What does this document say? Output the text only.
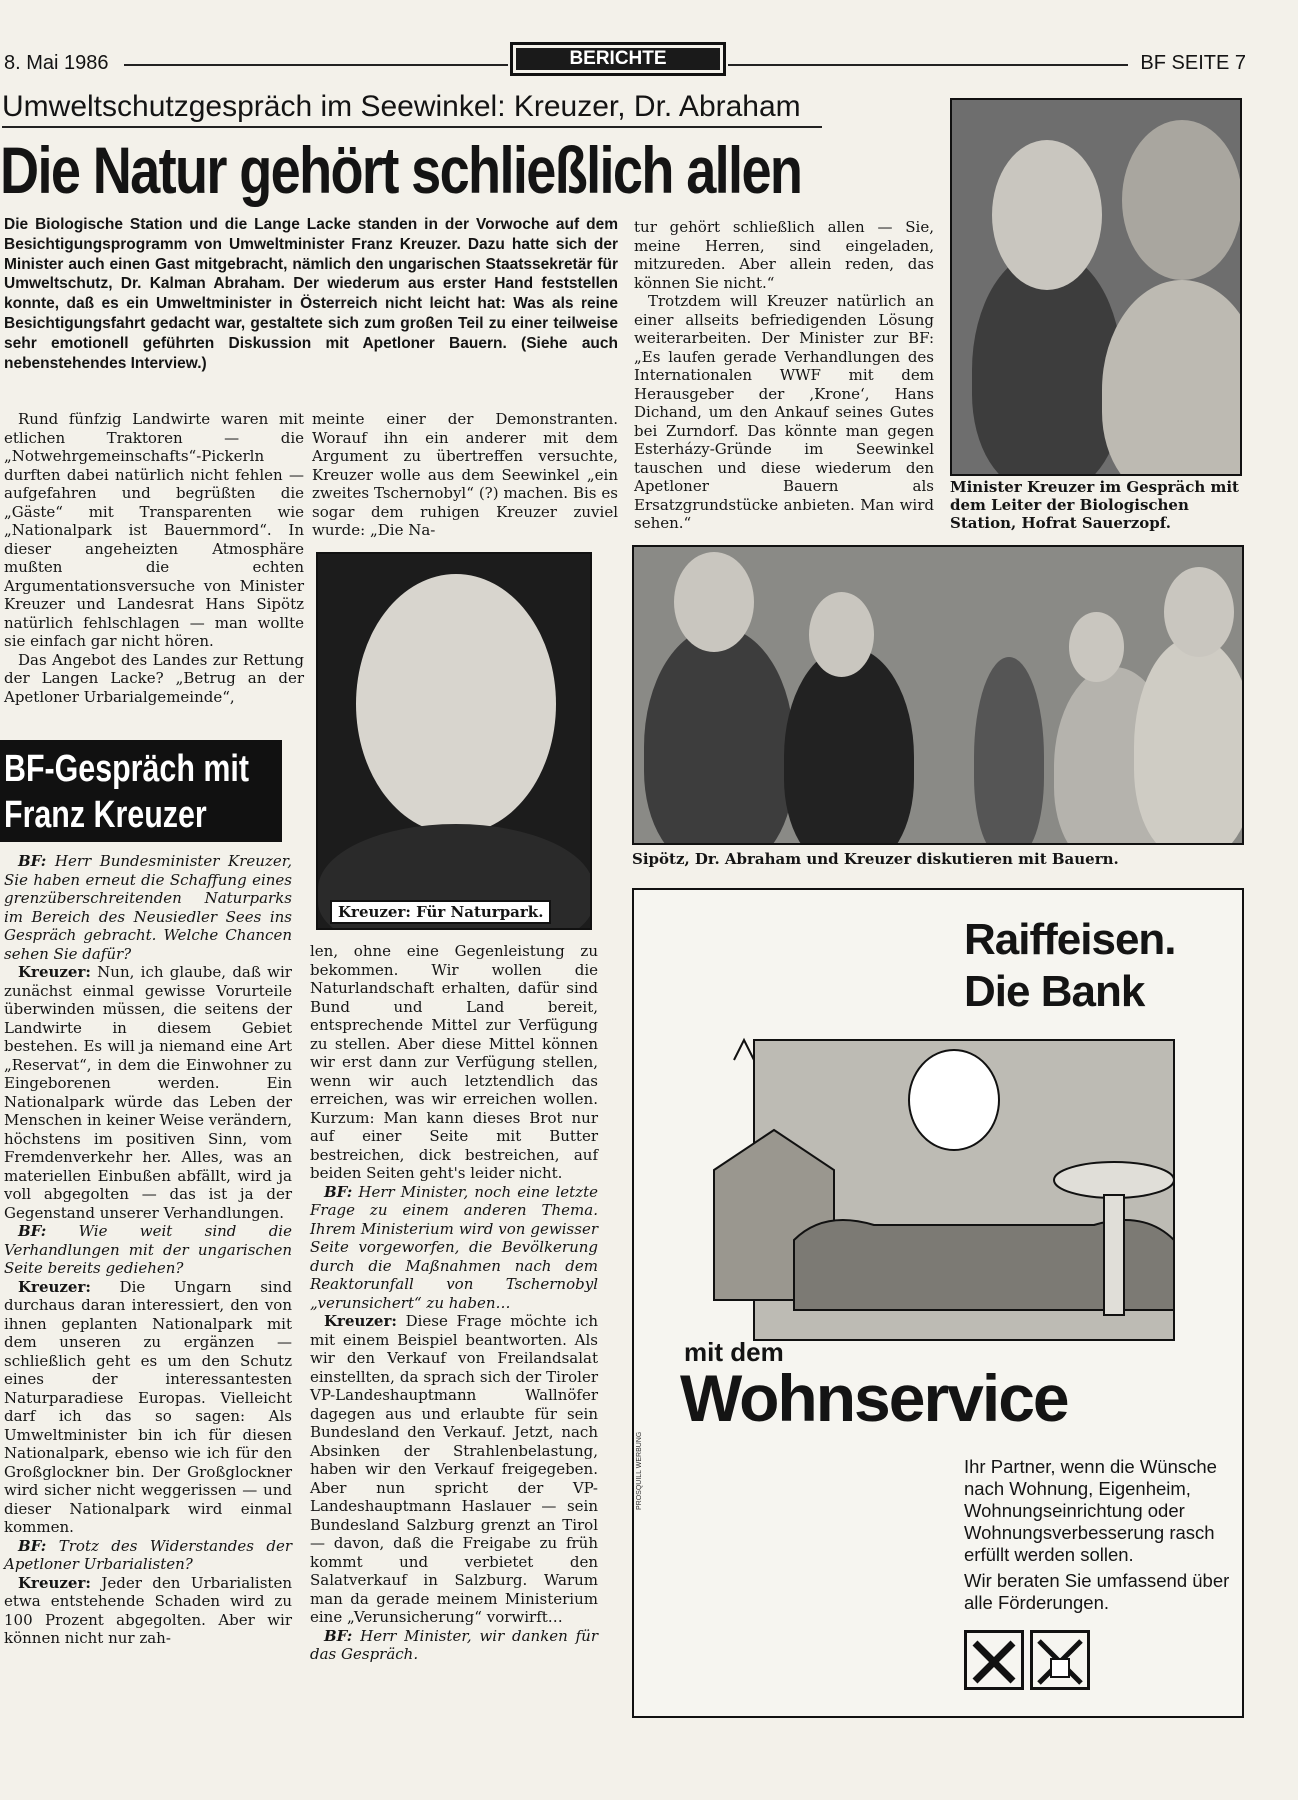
8. Mai 1986	BERICHTE	BF SEITE 7
Umweltschutzgespräch im Seewinkel: Kreuzer, Dr. Abraham
Die Natur gehört schließlich allen
Die Biologische Station und die Lange Lacke standen in der Vorwoche auf dem Besichtigungsprogramm von Umweltminister Franz Kreuzer. Dazu hatte sich der Minister auch einen Gast mitgebracht, nämlich den ungarischen Staatssekretär für Umweltschutz, Dr. Kalman Abraham. Der wiederum aus erster Hand feststellen konnte, daß es ein Umweltminister in Österreich nicht leicht hat: Was als reine Besichtigungsfahrt gedacht war, gestaltete sich zum großen Teil zu einer teilweise sehr emotionell geführten Diskussion mit Apetloner Bauern. (Siehe auch nebenstehendes Interview.)

Rund fünfzig Landwirte waren mit etlichen Traktoren — die „Notwehrgemeinschafts“-Pickerln durften dabei natürlich nicht fehlen — aufgefahren und begrüßten die „Gäste“ mit Transparenten wie „Nationalpark ist Bauernmord“. In dieser angeheizten Atmosphäre mußten die echten Argumentationsversuche von Minister Kreuzer und Landesrat Hans Sipötz natürlich fehlschlagen — man wollte sie einfach gar nicht hören.

Das Angebot des Landes zur Rettung der Langen Lacke? „Betrug an der Apetloner Urbarialgemeinde“,

meinte einer der Demonstranten. Worauf ihn ein anderer mit dem Argument zu übertreffen versuchte, Kreuzer wolle aus dem Seewinkel „ein zweites Tschernobyl“ (?) machen. Bis es sogar dem ruhigen Kreuzer zuviel wurde: „Die Na-

tur gehört schließlich allen — Sie, meine Herren, sind eingeladen, mitzureden. Aber allein reden, das können Sie nicht.“

Trotzdem will Kreuzer natürlich an einer allseits befriedigenden Lösung weiterarbeiten. Der Minister zur BF: „Es laufen gerade Verhandlungen des Internationalen WWF mit dem Herausgeber der ‚Krone‘, Hans Dichand, um den Ankauf seines Gutes bei Zurndorf. Das könnte man gegen Esterházy-Gründe im Seewinkel tauschen und diese wiederum den Apetloner Bauern als Ersatzgrundstücke anbieten. Man wird sehen.“

Minister Kreuzer im Gespräch mit dem Leiter der Biologischen Station, Hofrat Sauerzopf.
Sipötz, Dr. Abraham und Kreuzer diskutieren mit Bauern.
Kreuzer: Für Naturpark.
BF-Gespräch mit
Franz Kreuzer

BF: Herr Bundesminister Kreuzer, Sie haben erneut die Schaffung eines grenzüberschreitenden Naturparks im Bereich des Neusiedler Sees ins Gespräch gebracht. Welche Chancen sehen Sie dafür?

Kreuzer: Nun, ich glaube, daß wir zunächst einmal gewisse Vorurteile überwinden müssen, die seitens der Landwirte in diesem Gebiet bestehen. Es will ja niemand eine Art „Reservat“, in dem die Einwohner zu Eingeborenen werden. Ein Nationalpark würde das Leben der Menschen in keiner Weise verändern, höchstens im positiven Sinn, vom Fremdenverkehr her. Alles, was an materiellen Einbußen abfällt, wird ja voll abgegolten — das ist ja der Gegenstand unserer Verhandlungen.

BF: Wie weit sind die Verhandlungen mit der ungarischen Seite bereits gediehen?

Kreuzer: Die Ungarn sind durchaus daran interessiert, den von ihnen geplanten Nationalpark mit dem unseren zu ergänzen — schließlich geht es um den Schutz eines der interessantesten Naturparadiese Europas. Vielleicht darf ich das so sagen: Als Umweltminister bin ich für diesen Nationalpark, ebenso wie ich für den Großglockner bin. Der Großglockner wird sicher nicht weggerissen — und dieser Nationalpark wird einmal kommen.

BF: Trotz des Widerstandes der Apetloner Urbarialisten?

Kreuzer: Jeder den Urbarialisten etwa entstehende Schaden wird zu 100 Prozent abgegolten. Aber wir können nicht nur zah-

len, ohne eine Gegenleistung zu bekommen. Wir wollen die Naturlandschaft erhalten, dafür sind Bund und Land bereit, entsprechende Mittel zur Verfügung zu stellen. Aber diese Mittel können wir erst dann zur Verfügung stellen, wenn wir auch letztendlich das erreichen, was wir erreichen wollen. Kurzum: Man kann dieses Brot nur auf einer Seite mit Butter bestreichen, dick bestreichen, auf beiden Seiten geht's leider nicht.

BF: Herr Minister, noch eine letzte Frage zu einem anderen Thema. Ihrem Ministerium wird von gewisser Seite vorgeworfen, die Bevölkerung durch die Maßnahmen nach dem Reaktorunfall von Tschernobyl „verunsichert“ zu haben…

Kreuzer: Diese Frage möchte ich mit einem Beispiel beantworten. Als wir den Verkauf von Freilandsalat einstellten, da sprach sich der Tiroler VP-Landeshauptmann Wallnöfer dagegen aus und erlaubte für sein Bundesland den Verkauf. Jetzt, nach Absinken der Strahlenbelastung, haben wir den Verkauf freigegeben. Aber nun spricht der VP-Landeshauptmann Haslauer — sein Bundesland Salzburg grenzt an Tirol — davon, daß die Freigabe zu früh kommt und verbietet den Salatverkauf in Salzburg. Warum man da gerade meinem Ministerium eine „Verunsicherung“ vorwirft…

BF: Herr Minister, wir danken für das Gespräch.

Raiffeisen.
Die Bank
mit dem
Wohnservice
Ihr Partner, wenn die Wünsche nach Wohnung, Eigenheim, Wohnungseinrichtung oder Wohnungsverbesserung rasch erfüllt werden sollen.
Wir beraten Sie umfassend über alle Förderungen.
PROSQUILL WERBUNG
